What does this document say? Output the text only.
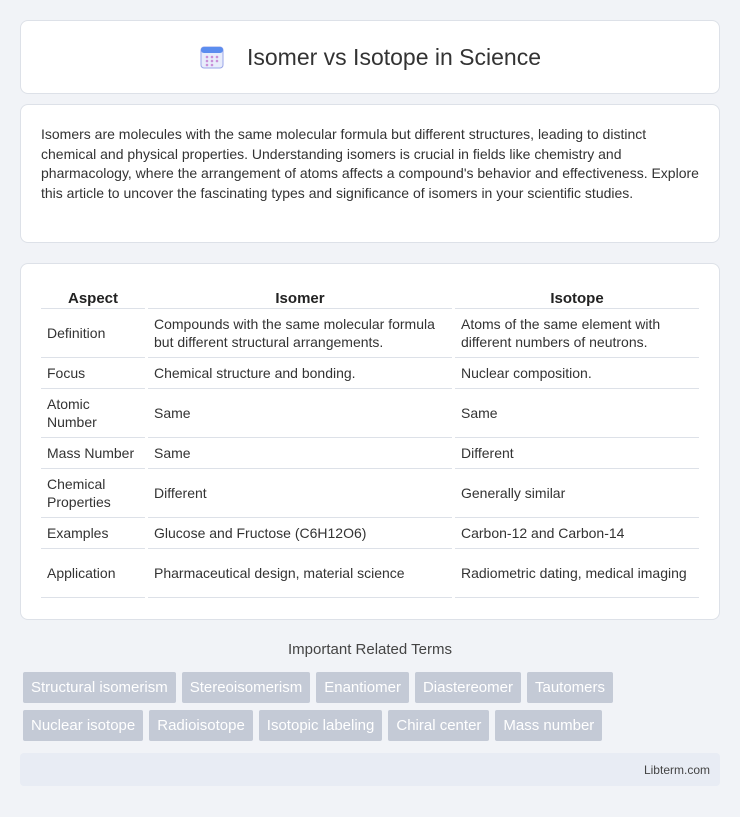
Isomer vs Isotope in Science

Isomers are molecules with the same molecular formula but different structures, leading to distinct chemical and physical properties. Understanding isomers is crucial in fields like chemistry and pharmacology, where the arrangement of atoms affects a compound's behavior and effectiveness. Explore this article to uncover the fascinating types and significance of isomers in your scientific studies.

Aspect	Isomer	Isotope
Definition	Compounds with the same molecular formula but different structural arrangements.	Atoms of the same element with different numbers of neutrons.
Focus	Chemical structure and bonding.	Nuclear composition.
Atomic Number	Same	Same
Mass Number	Same	Different
Chemical Properties	Different	Generally similar
Examples	Glucose and Fructose (C6H12O6)	Carbon-12 and Carbon-14
Application	Pharmaceutical design, material science	Radiometric dating, medical imaging
Important Related Terms
Structural isomerism	Stereoisomerism	Enantiomer	Diastereomer	Tautomers
Nuclear isotope	Radioisotope	Isotopic labeling	Chiral center	Mass number
Libterm.com
